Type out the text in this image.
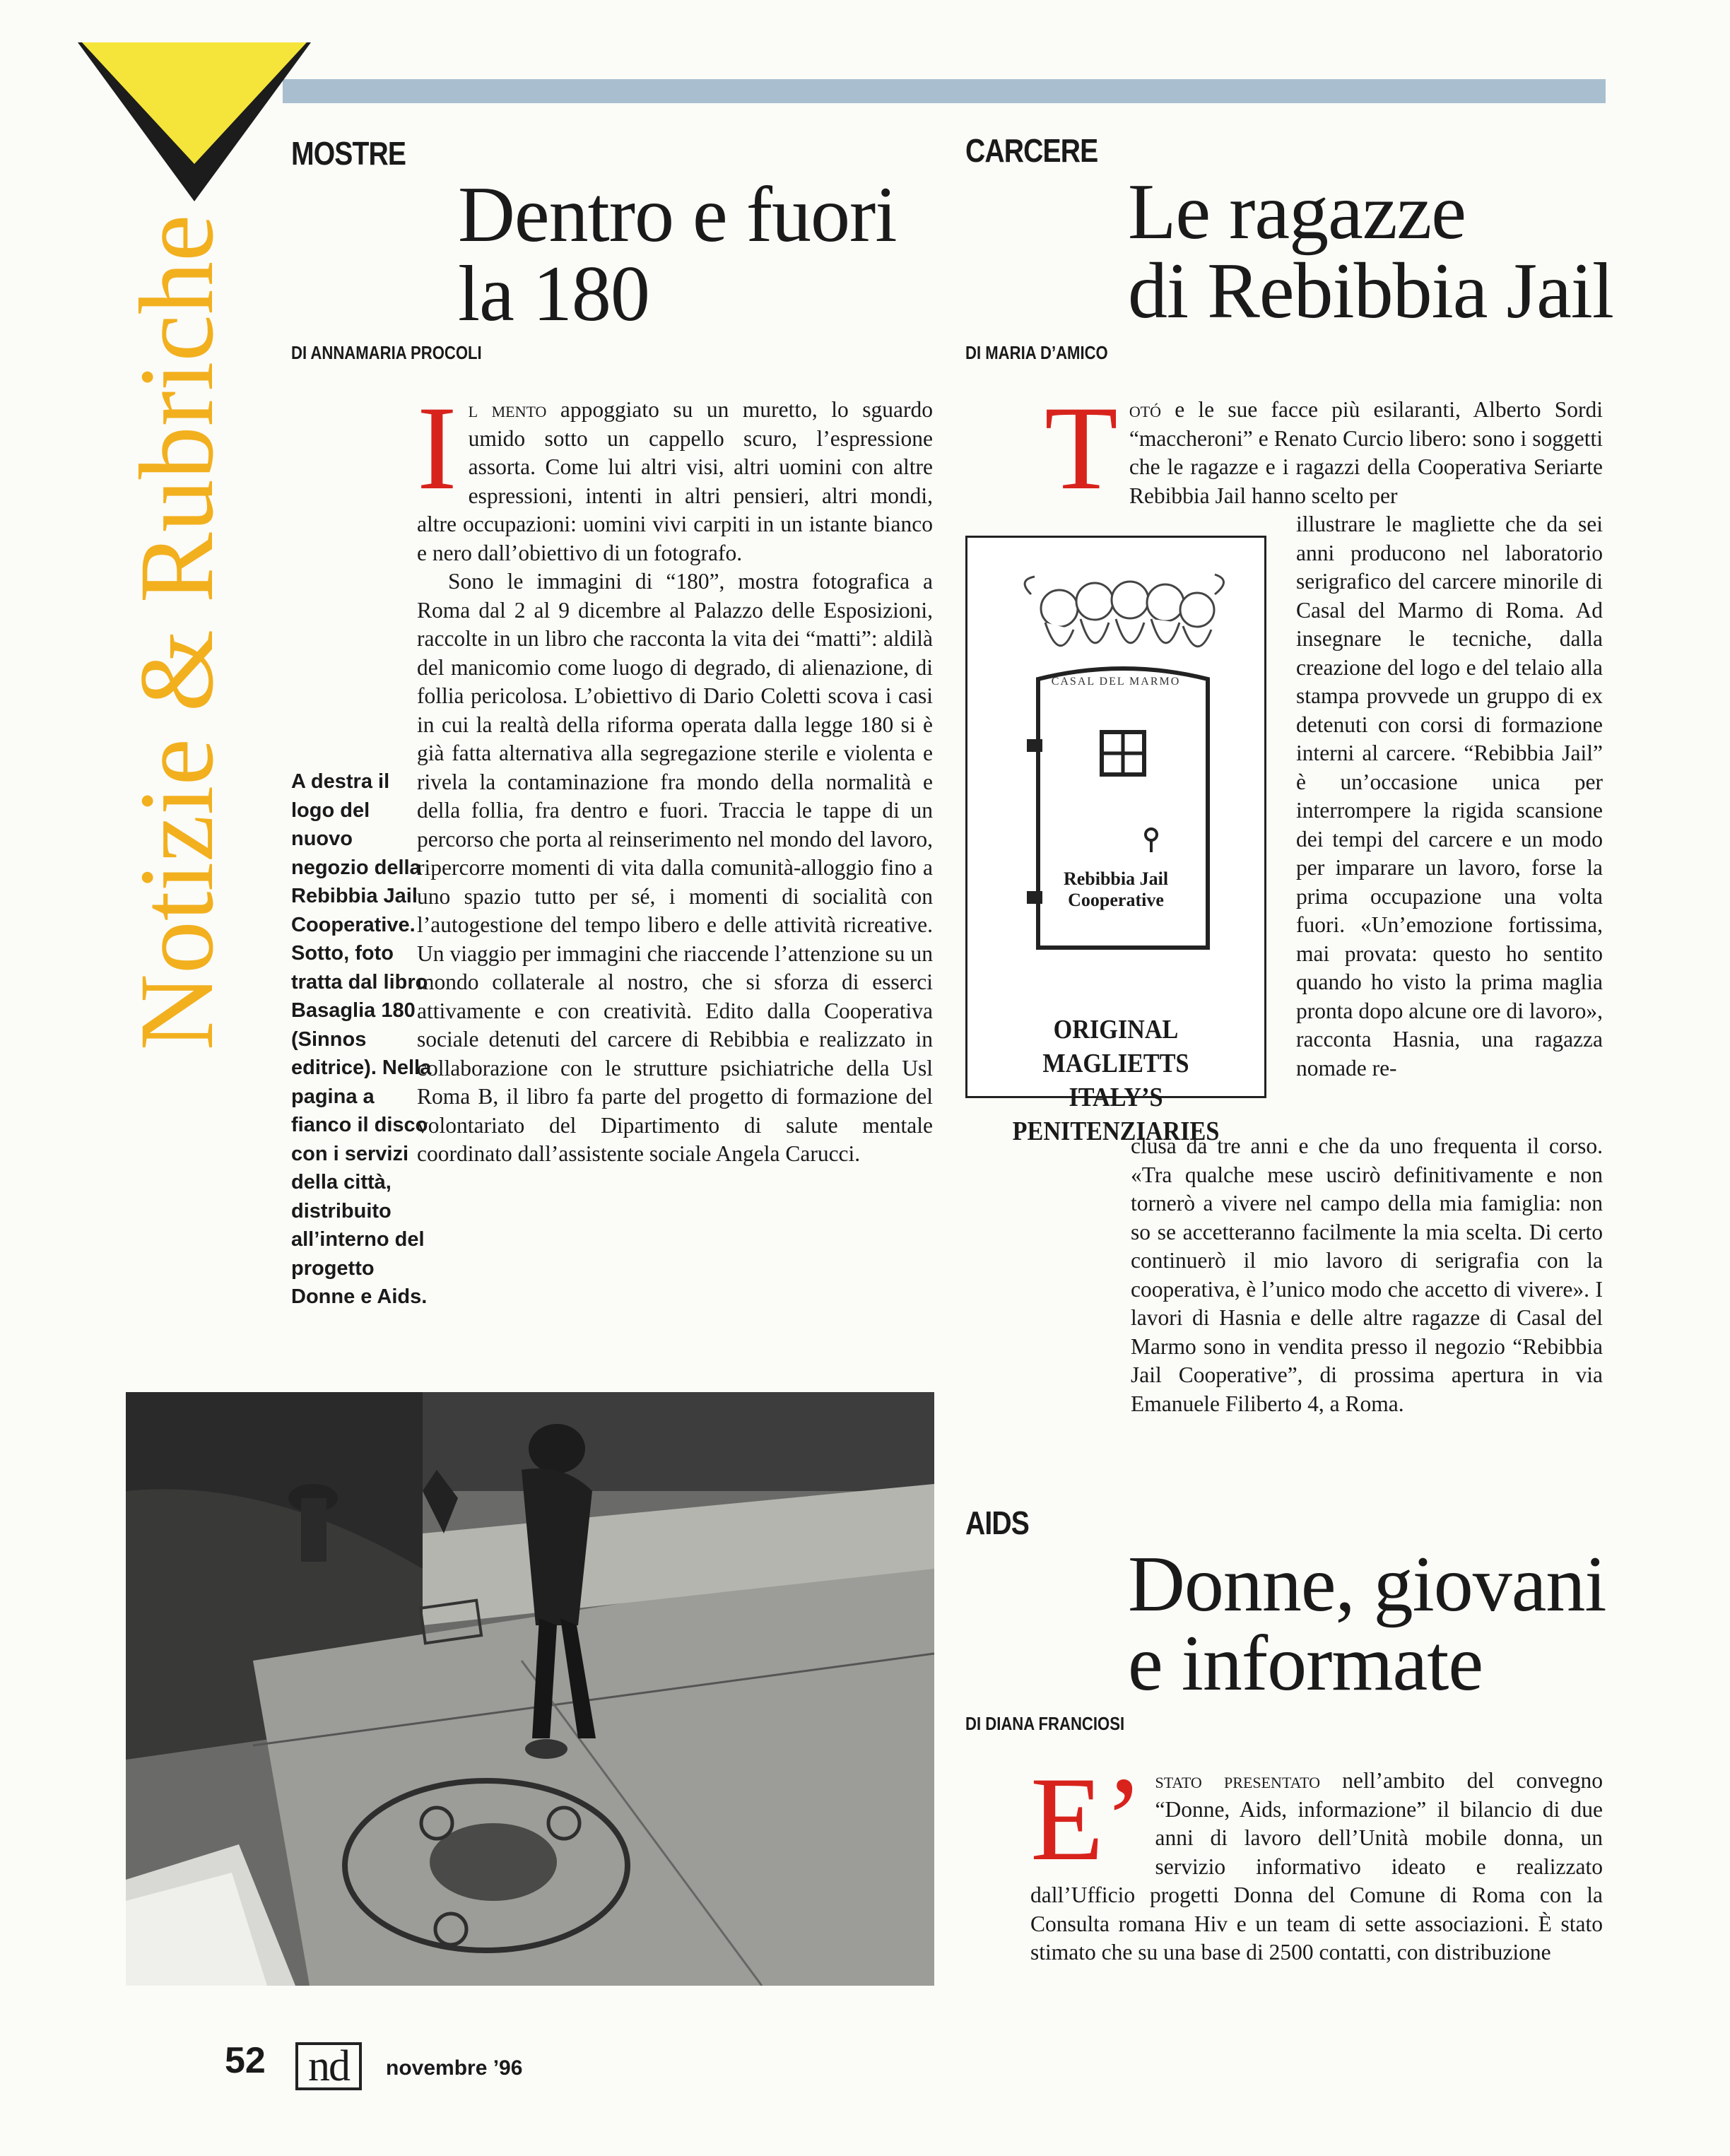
Notizie & Rubriche
MOSTRE
Dentro e fuori
la 180
DI ANNAMARIA PROCOLI

I l mento appoggiato su un muretto, lo sguardo umido sotto un cappello scuro, l’espressione assorta. Come lui altri visi, altri uomini con altre espressioni, intenti in altri pensieri, altri mondi, altre occupazioni: uomini vivi carpiti in un istante bianco e nero dall’obiettivo di un fotografo.

Sono le immagini di “180”, mostra fotografica a Roma dal 2 al 9 dicembre al Palazzo delle Esposizioni, raccolte in un libro che racconta la vita dei “matti”: aldilà del manicomio come luogo di degrado, di alienazione, di follia pericolosa. L’obiettivo di Dario Coletti scova i casi in cui la realtà della riforma operata dalla legge 180 si è già fatta alternativa alla segregazione sterile e violenta e rivela la contaminazione fra mondo della normalità e della follia, fra dentro e fuori. Traccia le tappe di un percorso che porta al reinserimento nel mondo del lavoro, ripercorre momenti di vita dalla comunità-alloggio fino a uno spazio tutto per sé, i momenti di socialità con l’autogestione del tempo libero e delle attività ricreative. Un viaggio per immagini che riaccende l’attenzione su un mondo collaterale al nostro, che si sforza di esserci attivamente e con creatività. Edito dalla Cooperativa sociale detenuti del carcere di Rebibbia e realizzato in collaborazione con le strutture psichiatriche della Usl Roma B, il libro fa parte del progetto di formazione del volontariato del Dipartimento di salute mentale coordinato dall’assistente sociale Angela Carucci.

A destra il logo del nuovo negozio della Rebibbia Jail Cooperative. Sotto, foto tratta dal libro Basaglia 180 (Sinnos editrice). Nella pagina a fianco il disco con i servizi della città, distribuito all’interno del progetto Donne e Aids.
CARCERE
Le ragazze
di Rebibbia Jail
DI MARIA D’AMICO

T otó e le sue facce più esilaranti, Alberto Sordi “maccheroni” e Renato Curcio libero: sono i soggetti che le ragazze e i ragazzi della Cooperativa Seriarte Rebibbia Jail hanno scelto per

CASAL DEL MARMO
Rebibbia Jail
Cooperative
ORIGINAL MAGLIETTS
ITALY’S PENITENZIARIES

illustrare le magliette che da sei anni producono nel laboratorio serigrafico del carcere minorile di Casal del Marmo di Roma. Ad insegnare le tecniche, dalla creazione del logo e del telaio alla stampa provvede un gruppo di ex detenuti con corsi di formazione interni al carcere. “Rebibbia Jail” è un’occasione unica per interrompere la rigida scansione dei tempi del carcere e un modo per imparare un lavoro, forse la prima occupazione una volta fuori. «Un’emozione fortissima, mai provata: questo ho sentito quando ho visto la prima maglia pronta dopo alcune ore di lavoro», racconta Hasnia, una ragazza nomade re-

clusa da tre anni e che da uno frequenta il corso. «Tra qualche mese uscirò definitivamente e non tornerò a vivere nel campo della mia famiglia: non so se accetteranno facilmente la mia scelta. Di certo continuerò il mio lavoro di serigrafia con la cooperativa, è l’unico modo che accetto di vivere». I lavori di Hasnia e delle altre ragazze di Casal del Marmo sono in vendita presso il negozio “Rebibbia Jail Cooperative”, di prossima apertura in via Emanuele Filiberto 4, a Roma.

AIDS
Donne, giovani
e informate
DI DIANA FRANCIOSI

E’ stato presentato nell’ambito del convegno “Donne, Aids, informazione” il bilancio di due anni di lavoro dell’Unità mobile donna, un servizio informativo ideato e realizzato dall’Ufficio progetti Donna del Comune di Roma con la Consulta romana Hiv e un team di sette associazioni. È stato stimato che su una base di 2500 contatti, con distribuzione

52 nd	novembre ’96
